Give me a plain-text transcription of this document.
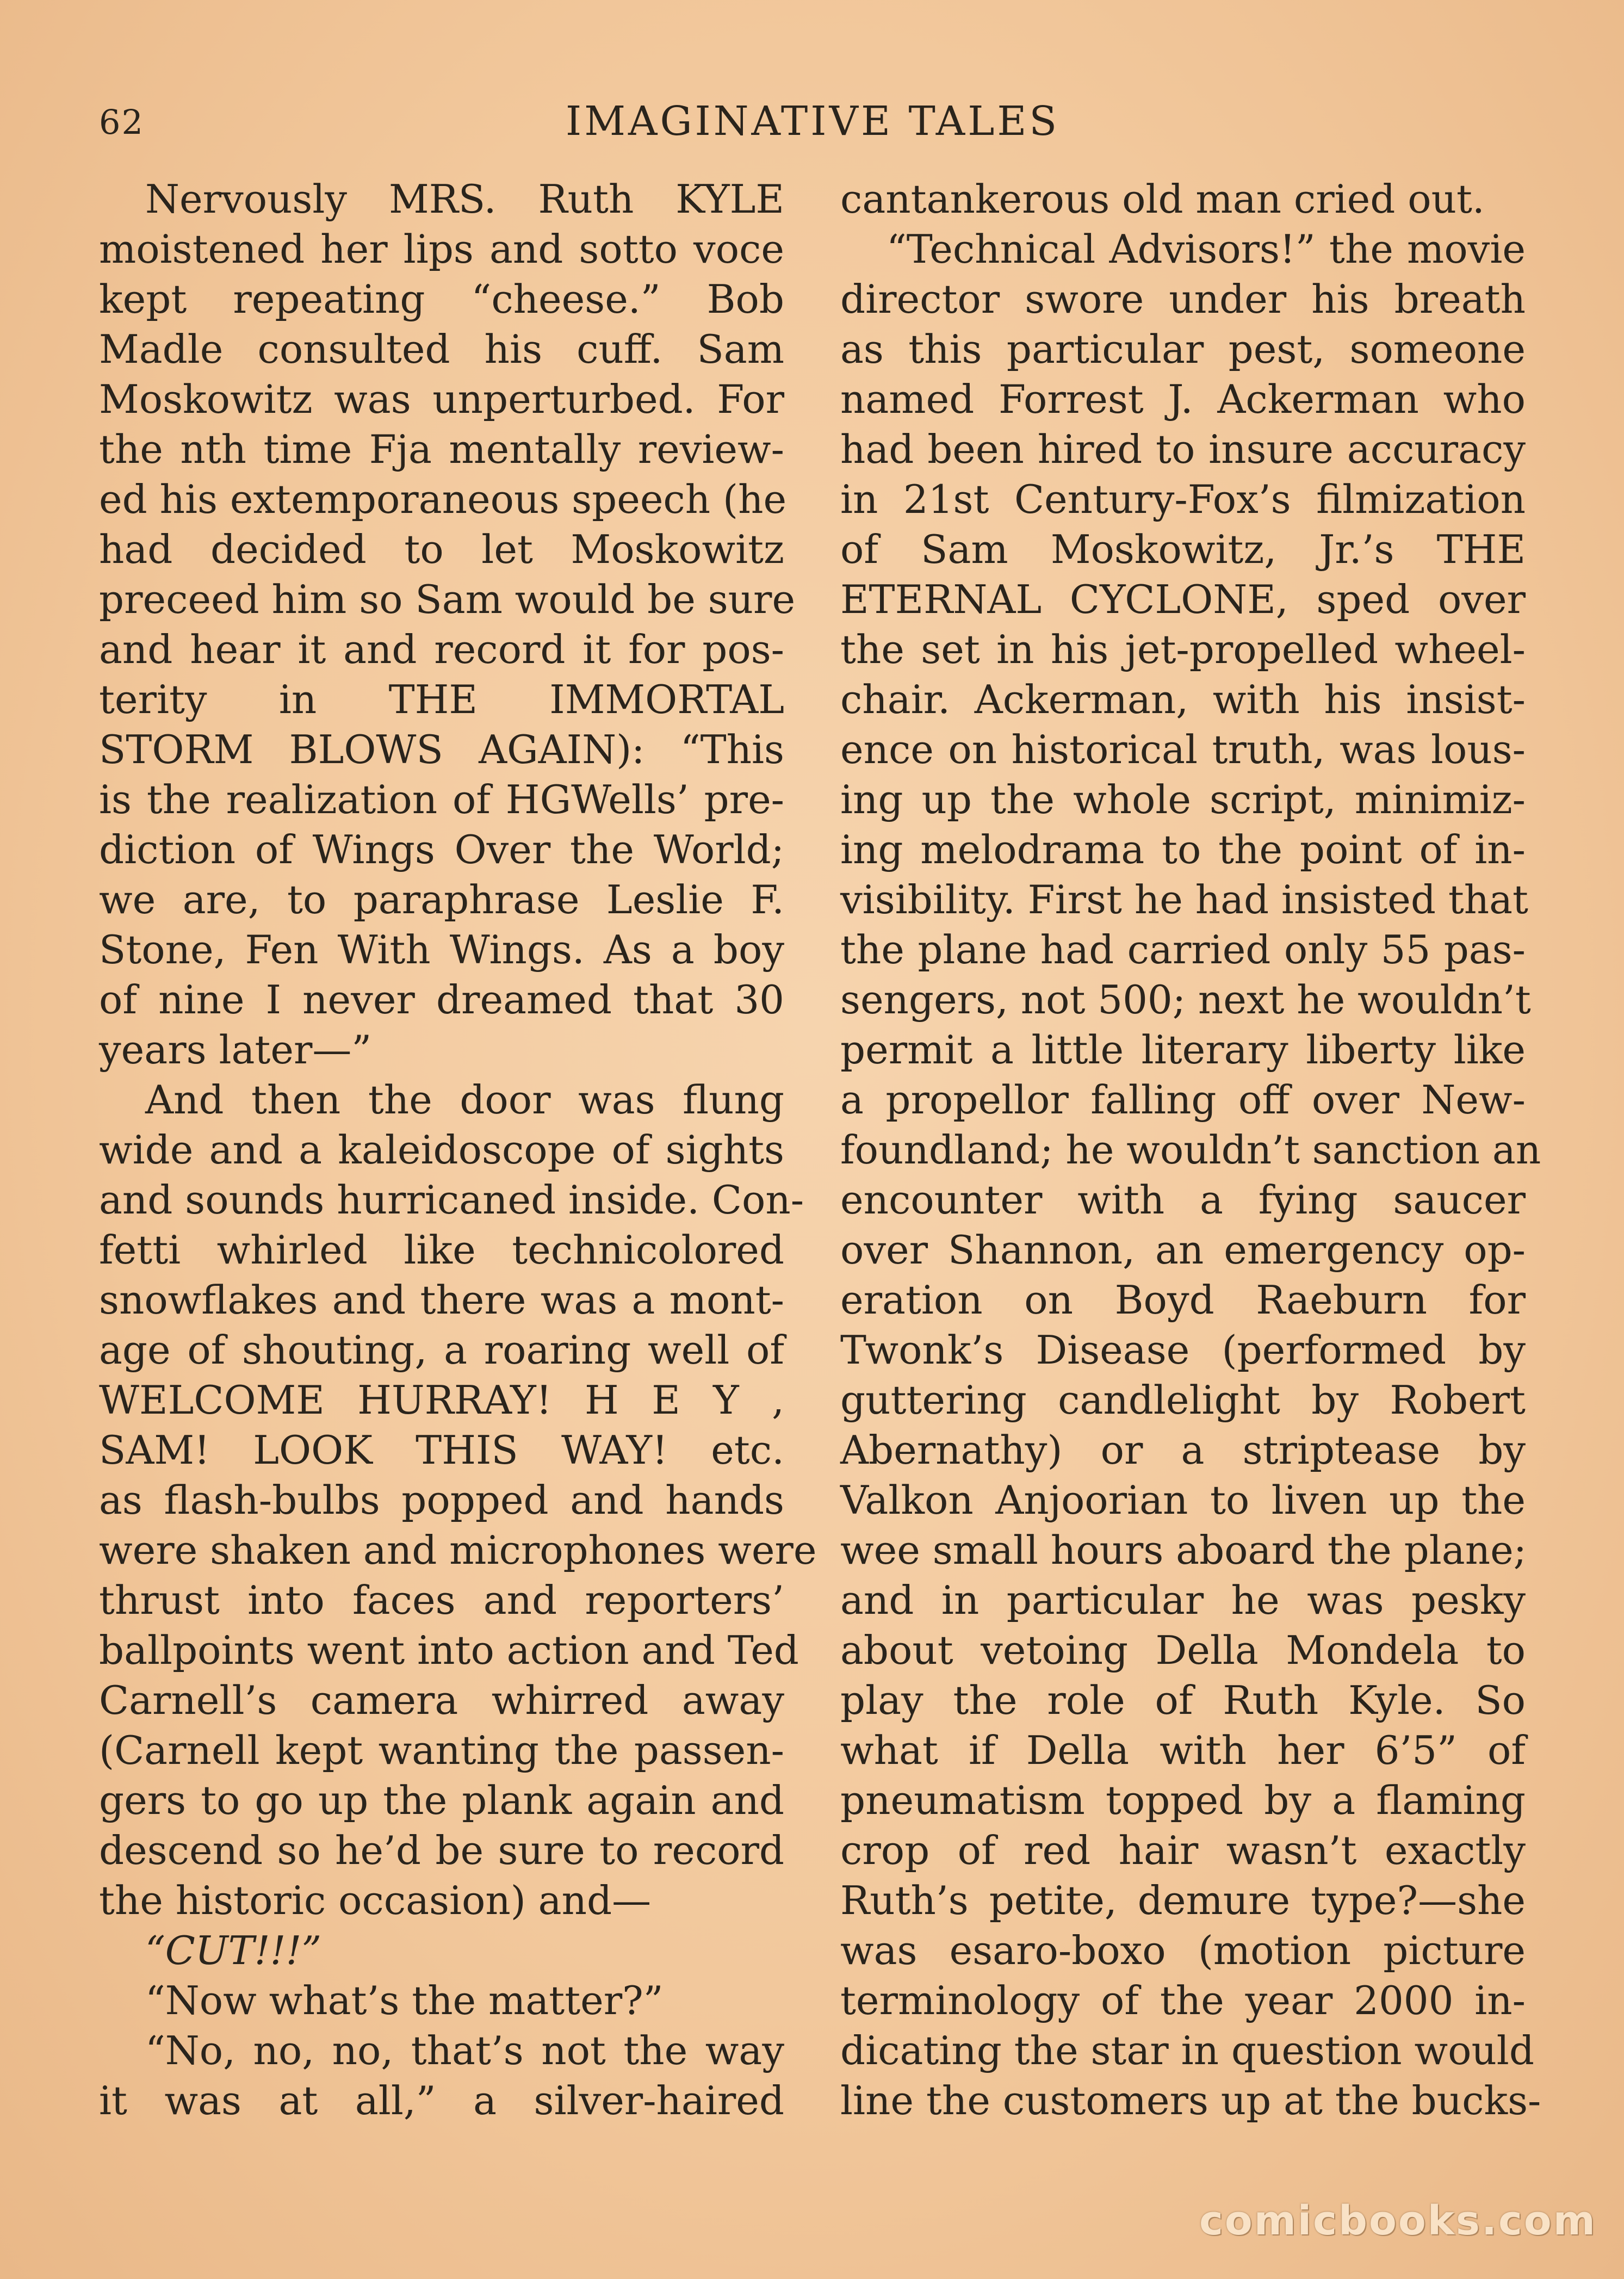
62	IMAGINATIVE TALES
Nervously MRS. Ruth KYLE
moistened her lips and sotto voce
kept repeating “cheese.” Bob
Madle consulted his cuff. Sam
Moskowitz was unperturbed. For
the nth time Fja mentally review-
ed his extemporaneous speech (he
had decided to let Moskowitz
preceed him so Sam would be sure
and hear it and record it for pos-
terity in THE IMMORTAL
STORM BLOWS AGAIN): “This
is the realization of HGWells’ pre-
diction of Wings Over the World;
we are, to paraphrase Leslie F.
Stone, Fen With Wings. As a boy
of nine I never dreamed that 30
years later—”
And then the door was flung
wide and a kaleidoscope of sights
and sounds hurricaned inside. Con-
fetti whirled like technicolored
snowflakes and there was a mont-
age of shouting, a roaring well of
WELCOME HURRAY! H E Y ,
SAM! LOOK THIS WAY! etc.
as flash-bulbs popped and hands
were shaken and microphones were
thrust into faces and reporters’
ballpoints went into action and Ted
Carnell’s camera whirred away
(Carnell kept wanting the passen-
gers to go up the plank again and
descend so he’d be sure to record
the historic occasion) and—
“CUT!!!”
“Now what’s the matter?”
“No, no, no, that’s not the way
it was at all,” a silver-haired
cantankerous old man cried out.
“Technical Advisors!” the movie
director swore under his breath
as this particular pest, someone
named Forrest J. Ackerman who
had been hired to insure accuracy
in 21st Century-Fox’s filmization
of Sam Moskowitz, Jr.’s THE
ETERNAL CYCLONE, sped over
the set in his jet-propelled wheel-
chair. Ackerman, with his insist-
ence on historical truth, was lous-
ing up the whole script, minimiz-
ing melodrama to the point of in-
visibility. First he had insisted that
the plane had carried only 55 pas-
sengers, not 500; next he wouldn’t
permit a little literary liberty like
a propellor falling off over New-
foundland; he wouldn’t sanction an
encounter with a fying saucer
over Shannon, an emergency op-
eration on Boyd Raeburn for
Twonk’s Disease (performed by
guttering candlelight by Robert
Abernathy) or a striptease by
Valkon Anjoorian to liven up the
wee small hours aboard the plane;
and in particular he was pesky
about vetoing Della Mondela to
play the role of Ruth Kyle. So
what if Della with her 6’5” of
pneumatism topped by a flaming
crop of red hair wasn’t exactly
Ruth’s petite, demure type?—she
was esaro-boxo (motion picture
terminology of the year 2000 in-
dicating the star in question would
line the customers up at the bucks-
comicbooks.com
